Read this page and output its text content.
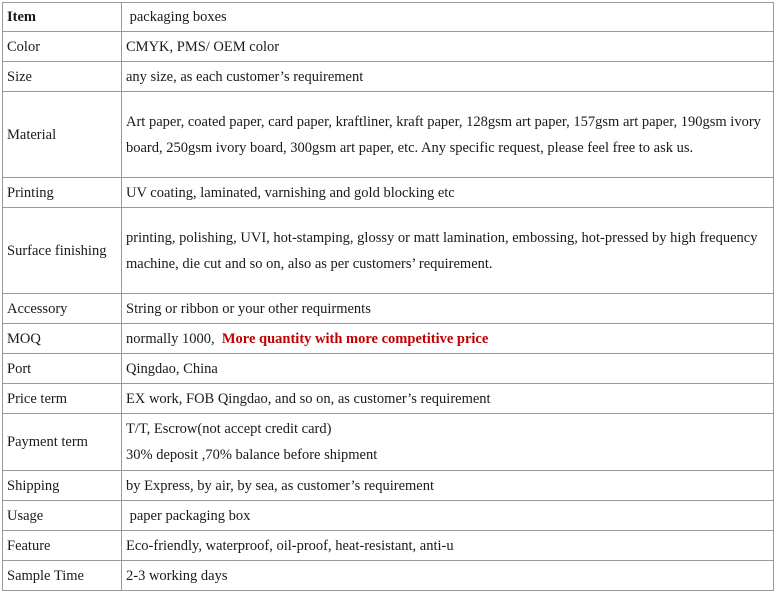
Item	packaging boxes
Color	CMYK, PMS/ OEM color
Size	any size, as each customer’s requirement
Material	Art paper, coated paper, card paper, kraftliner, kraft paper, 128gsm art paper, 157gsm art paper, 190gsm ivory board, 250gsm ivory board, 300gsm art paper, etc. Any specific request, please feel free to ask us.
Printing	UV coating, laminated, varnishing and gold blocking etc
Surface finishing	printing, polishing, UVI, hot-stamping, glossy or matt lamination, embossing, hot-pressed by high frequency machine, die cut and so on, also as per customers’ requirement.
Accessory	String or ribbon or your other requirments
MOQ	normally 1000,  More quantity with more competitive price
Port	Qingdao, China
Price term	EX work, FOB Qingdao, and so on, as customer’s requirement
Payment term	T/T, Escrow(not accept credit card)
30% deposit ,70% balance before shipment

Shipping	by Express, by air, by sea, as customer’s requirement
Usage	paper packaging box
Feature	Eco-friendly, waterproof, oil-proof, heat-resistant, anti-u
Sample Time	2-3 working days
